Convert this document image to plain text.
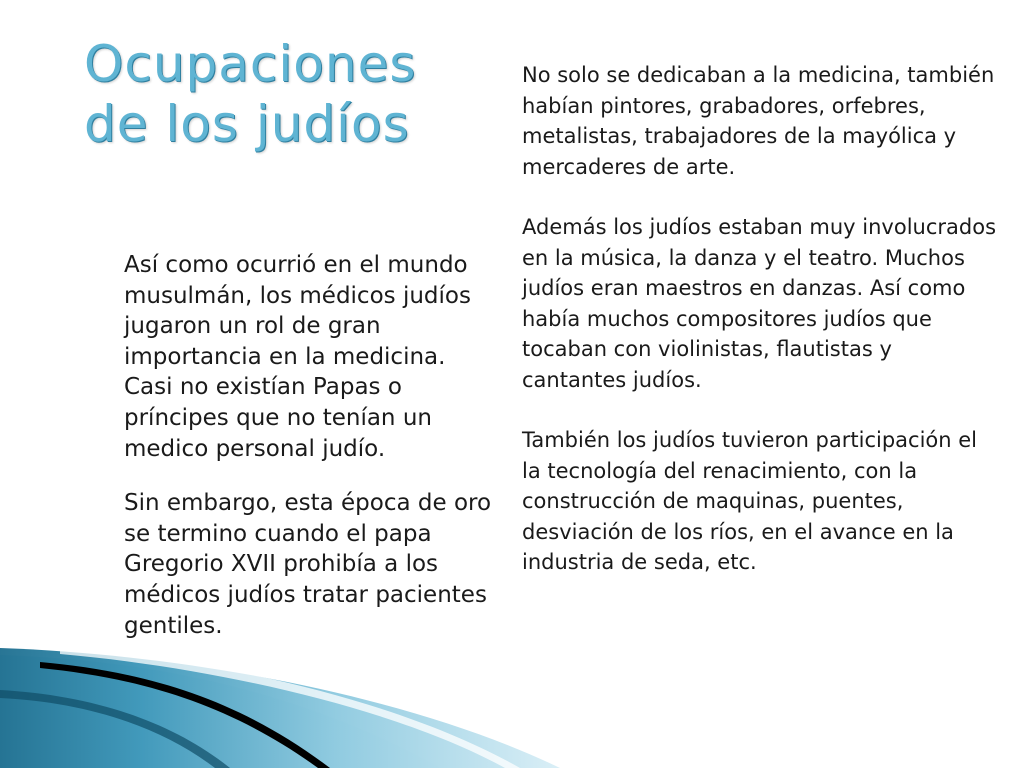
Ocupaciones
de los judíos

Así como ocurrió en el mundo musulmán, los médicos judíos jugaron un rol de gran importancia en la medicina. Casi no existían Papas o príncipes que no tenían un medico personal judío.

Sin embargo, esta época de oro se termino cuando el papa Gregorio XVII prohibía a los médicos judíos tratar pacientes gentiles.

No solo se dedicaban a la medicina, también habían pintores, grabadores, orfebres, metalistas, trabajadores de la mayólica y mercaderes de arte.

Además los judíos estaban muy involucrados en la música, la danza y el teatro. Muchos judíos eran maestros en danzas. Así como había muchos compositores judíos que tocaban con violinistas, flautistas y cantantes judíos.

También los judíos tuvieron participación el la tecnología del renacimiento, con la construcción de maquinas, puentes, desviación de los ríos, en el avance en la industria de seda, etc.
